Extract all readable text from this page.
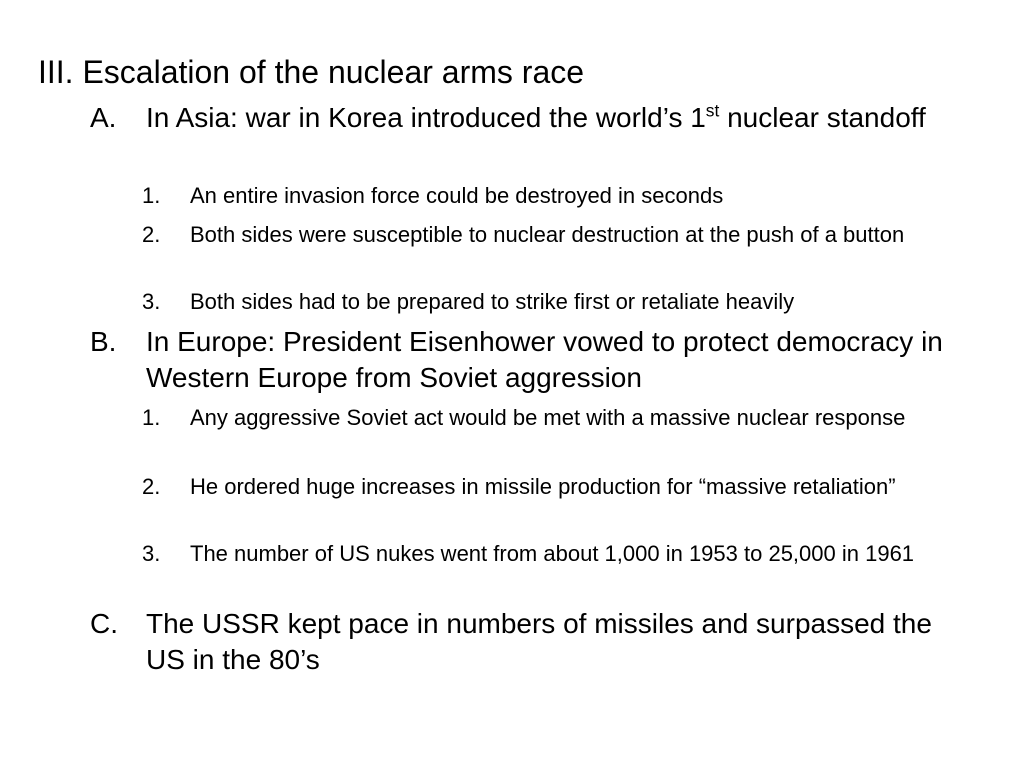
III. Escalation of the nuclear arms race
A.	In Asia: war in Korea introduced the world’s 1st nuclear standoff
1.	An entire invasion force could be destroyed in seconds
2.	Both sides were susceptible to nuclear destruction at the push of a button
3.	Both sides had to be prepared to strike first or retaliate heavily
B.	In Europe: President Eisenhower vowed to protect democracy in Western Europe from Soviet aggression
1.	Any aggressive Soviet act would be met with a massive nuclear response
2.	He ordered huge increases in missile production for “massive retaliation”
3.	The number of US nukes went from about 1,000 in 1953 to 25,000 in 1961
C.	The USSR kept pace in numbers of missiles and surpassed the US in the 80’s
